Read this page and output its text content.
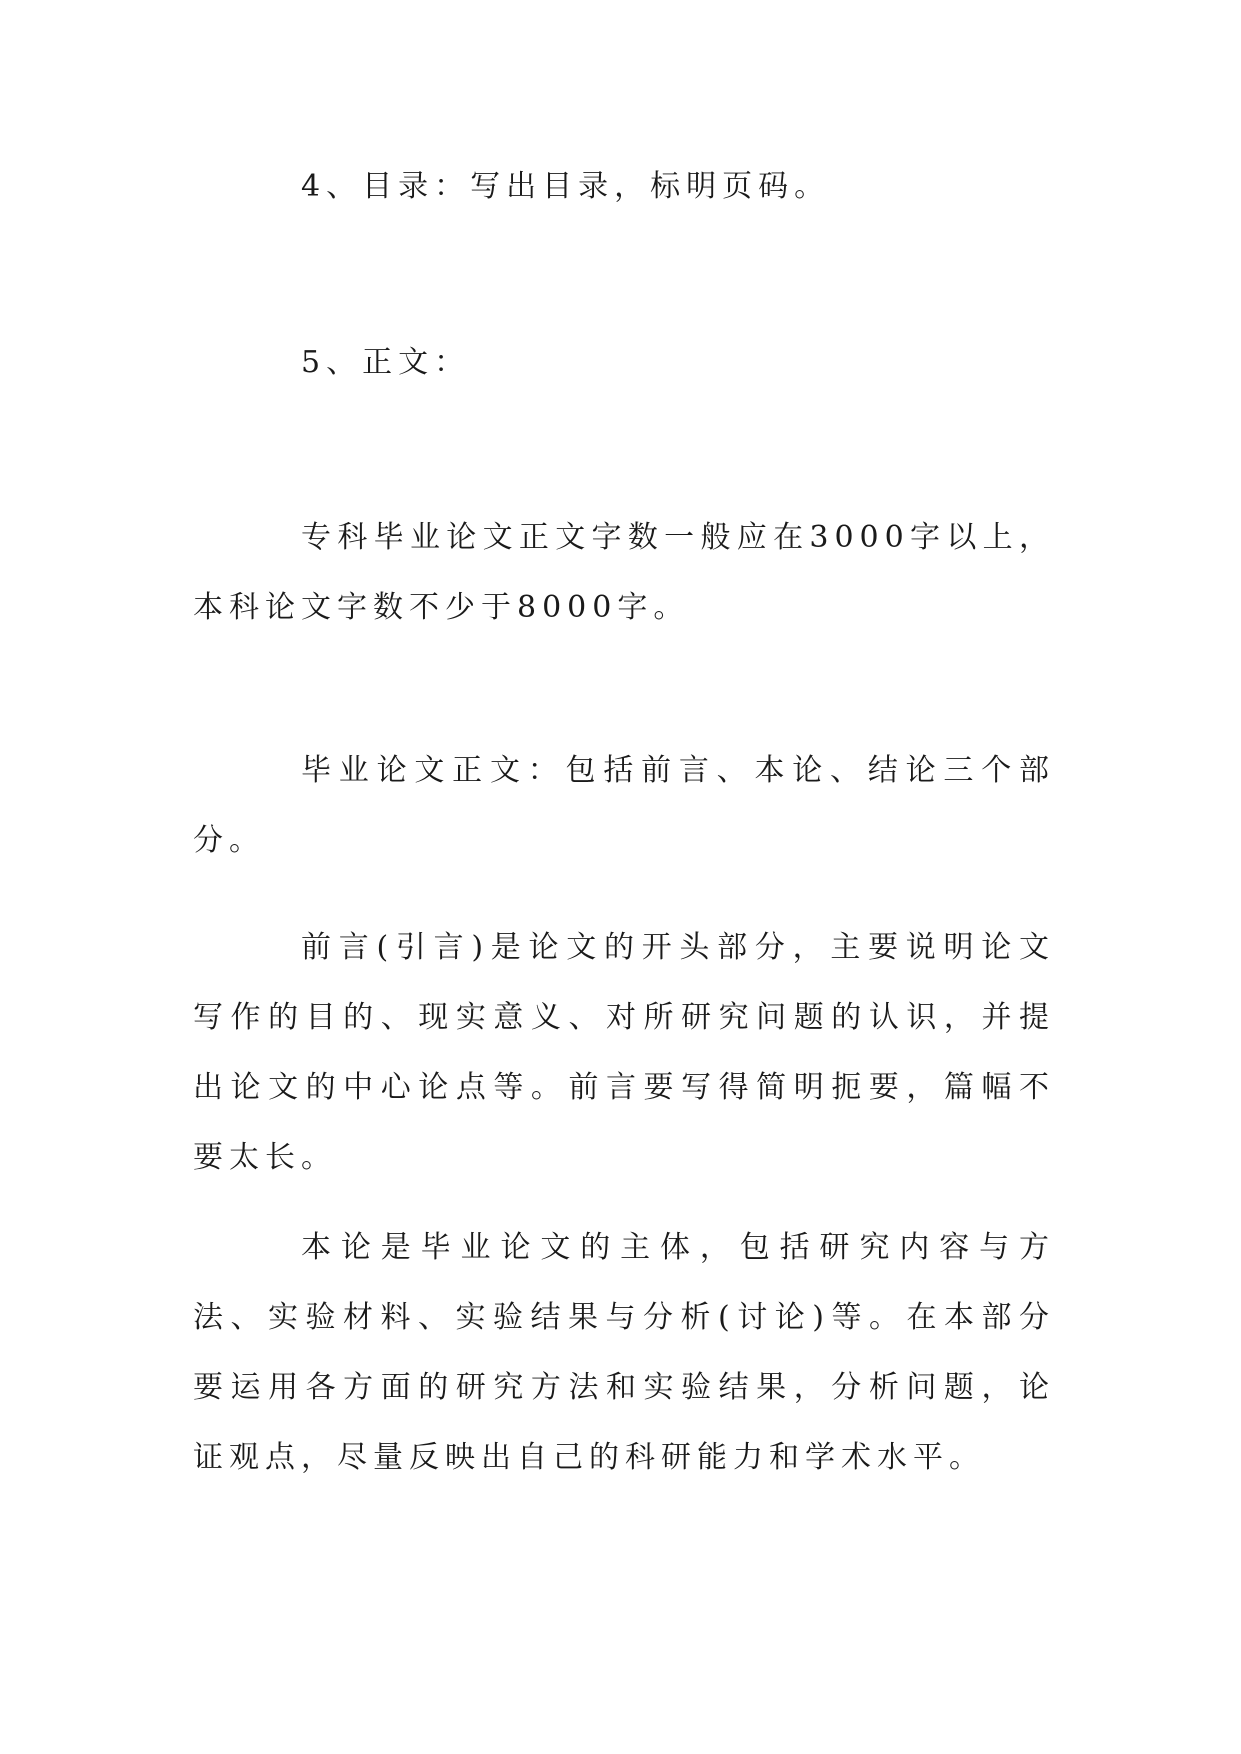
4、目录：写出目录，标明页码。

5、正文：

专科毕业论文正文字数一般应在3000字以上，本科论文字数不少于8000字。

毕业论文正文：包括前言、本论、结论三个部分。

前言(引言)是论文的开头部分，主要说明论文写作的目的、现实意义、对所研究问题的认识，并提出论文的中心论点等。前言要写得简明扼要，篇幅不要太长。

本论是毕业论文的主体，包括研究内容与方法、实验材料、实验结果与分析(讨论)等。在本部分要运用各方面的研究方法和实验结果，分析问题，论证观点，尽量反映出自己的科研能力和学术水平。
